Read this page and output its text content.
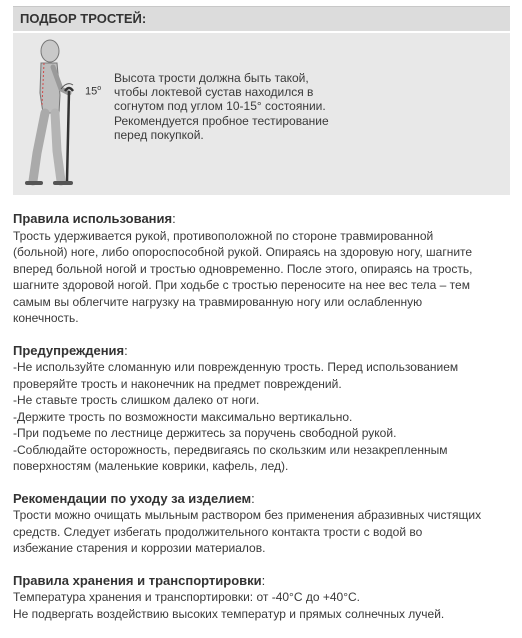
ПОДБОР ТРОСТЕЙ:
15$^o$
Высота трости должна быть такой,
чтобы локтевой сустав находился в
согнутом под углом 10-15° состоянии.
Рекомендуется пробное тестирование
перед покупкой.
Правила использования:
Трость удерживается рукой, противоположной по стороне травмированной
(больной) ноге, либо опороспособной рукой. Опираясь на здоровую ногу, шагните
вперед больной ногой и тростью одновременно. После этого, опираясь на трость,
шагните здоровой ногой. При ходьбе с тростью переносите на нее вес тела – тем
самым вы облегчите нагрузку на травмированную ногу или ослабленную
конечность.
Предупреждения:
-Не используйте сломанную или поврежденную трость. Перед использованием
проверяйте трость и наконечник на предмет повреждений.
-Не ставьте трость слишком далеко от ноги.
-Держите трость по возможности максимально вертикально.
-При подъеме по лестнице держитесь за поручень свободной рукой.
-Соблюдайте осторожность, передвигаясь по скользким или незакрепленным
поверхностям (маленькие коврики, кафель, лед).
Рекомендации по уходу за изделием:
Трости можно очищать мыльным раствором без применения абразивных чистящих
средств. Следует избегать продолжительного контакта трости с водой во
избежание старения и коррозии материалов.
Правила хранения и транспортировки:
Температура хранения и транспортировки: от -40°С до +40°С.
Не подвергать воздействию высоких температур и прямых солнечных лучей.
